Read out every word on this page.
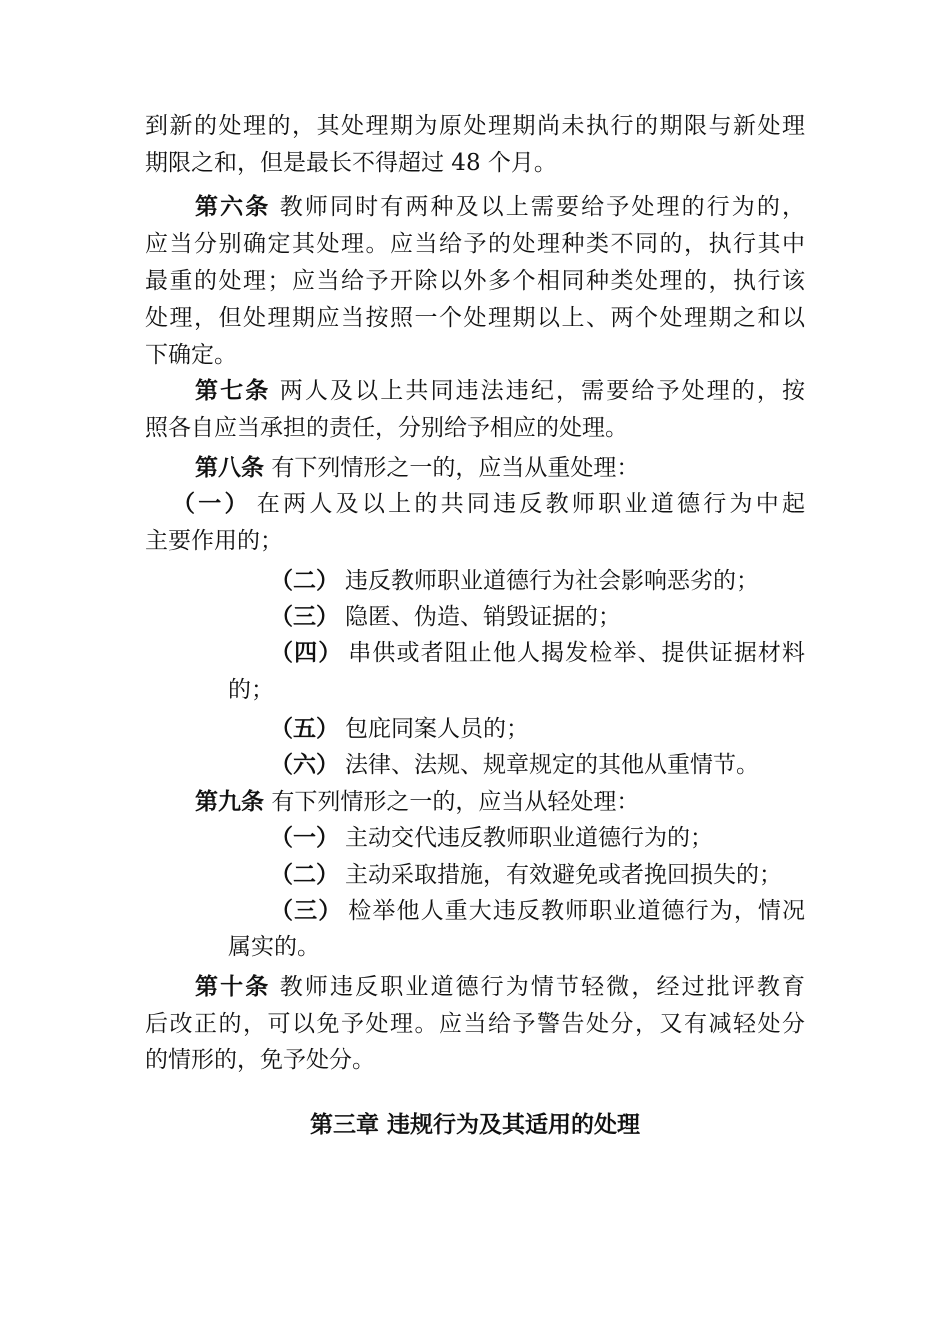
到新的处理的，其处理期为原处理期尚未执行的期限与新处理
期限之和，但是最长不得超过 48 个月。
第六条 教师同时有两种及以上需要给予处理的行为的，
应当分别确定其处理。应当给予的处理种类不同的，执行其中
最重的处理；应当给予开除以外多个相同种类处理的，执行该
处理，但处理期应当按照一个处理期以上、两个处理期之和以
下确定。
第七条 两人及以上共同违法违纪，需要给予处理的，按
照各自应当承担的责任，分别给予相应的处理。
第八条 有下列情形之一的，应当从重处理：
（一） 在两人及以上的共同违反教师职业道德行为中起
主要作用的；
（二） 违反教师职业道德行为社会影响恶劣的；
（三） 隐匿、伪造、销毁证据的；
（四） 串供或者阻止他人揭发检举、提供证据材料
的；
（五） 包庇同案人员的；
（六） 法律、法规、规章规定的其他从重情节。
第九条 有下列情形之一的，应当从轻处理：
（一） 主动交代违反教师职业道德行为的；
（二） 主动采取措施，有效避免或者挽回损失的；
（三） 检举他人重大违反教师职业道德行为，情况
属实的。
第十条 教师违反职业道德行为情节轻微，经过批评教育
后改正的，可以免予处理。应当给予警告处分，又有减轻处分
的情形的，免予处分。
第三章 违规行为及其适用的处理
